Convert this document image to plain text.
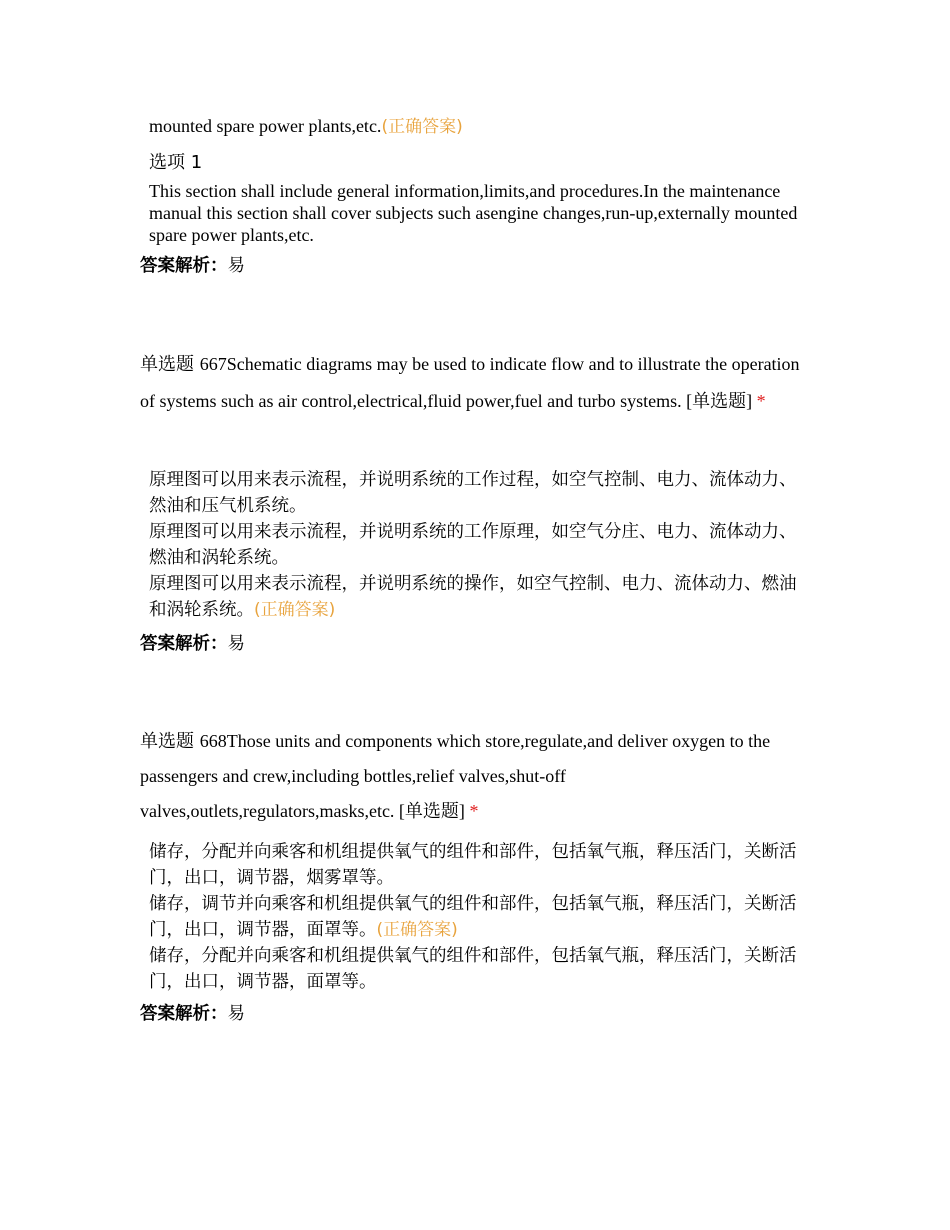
mounted spare power plants,etc.(正确答案)
选项 1
This section shall include general information,limits,and procedures.In the maintenance manual this section shall cover subjects such asengine changes,run-up,externally mounted spare power plants,etc.
答案解析：易
单选题 667Schematic diagrams may be used to indicate flow and to illustrate the operation of systems such as air control,electrical,fluid power,fuel and turbo systems. [单选题] *
原理图可以用来表示流程，并说明系统的工作过程，如空气控制、电力、流体动力、然油和压气机系统。
原理图可以用来表示流程，并说明系统的工作原理，如空气分庄、电力、流体动力、燃油和涡轮系统。
原理图可以用来表示流程，并说明系统的操作，如空气控制、电力、流体动力、燃油和涡轮系统。(正确答案)
答案解析：易
单选题 668Those units and components which store,regulate,and deliver oxygen to the passengers and crew,including bottles,relief valves,shut-off valves,outlets,regulators,masks,etc. [单选题] *
储存，分配并向乘客和机组提供氧气的组件和部件，包括氧气瓶，释压活门，关断活门，出口，调节器，烟雾罩等。
储存，调节并向乘客和机组提供氧气的组件和部件，包括氧气瓶，释压活门，关断活门，出口，调节器，面罩等。(正确答案)
储存，分配并向乘客和机组提供氧气的组件和部件，包括氧气瓶，释压活门，关断活门，出口，调节器，面罩等。
答案解析：易
